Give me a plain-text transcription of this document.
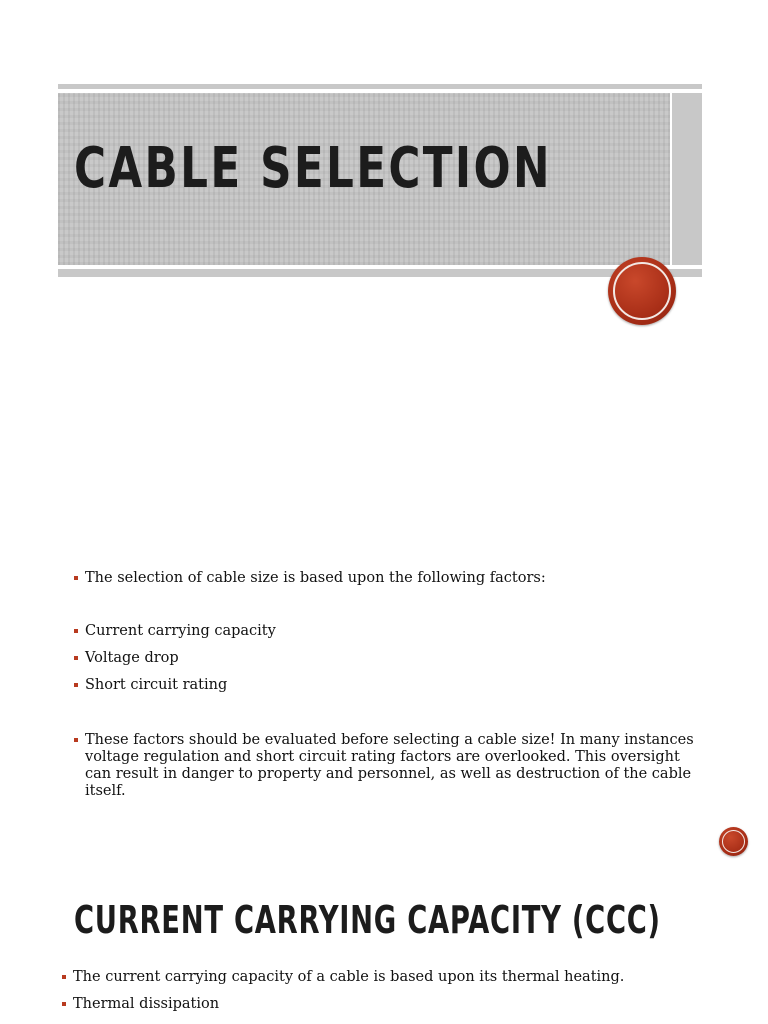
CABLE SELECTION
The selection of cable size is based upon the following factors:
Current carrying capacity
Voltage drop
Short circuit rating
These factors should be evaluated before selecting a cable size! In many instances voltage regulation and short circuit rating factors are overlooked. This oversight can result in danger to property and personnel, as well as destruction of the cable itself.
CURRENT CARRYING CAPACITY (CCC)
The current carrying capacity of a cable is based upon its thermal heating.
Thermal dissipation
